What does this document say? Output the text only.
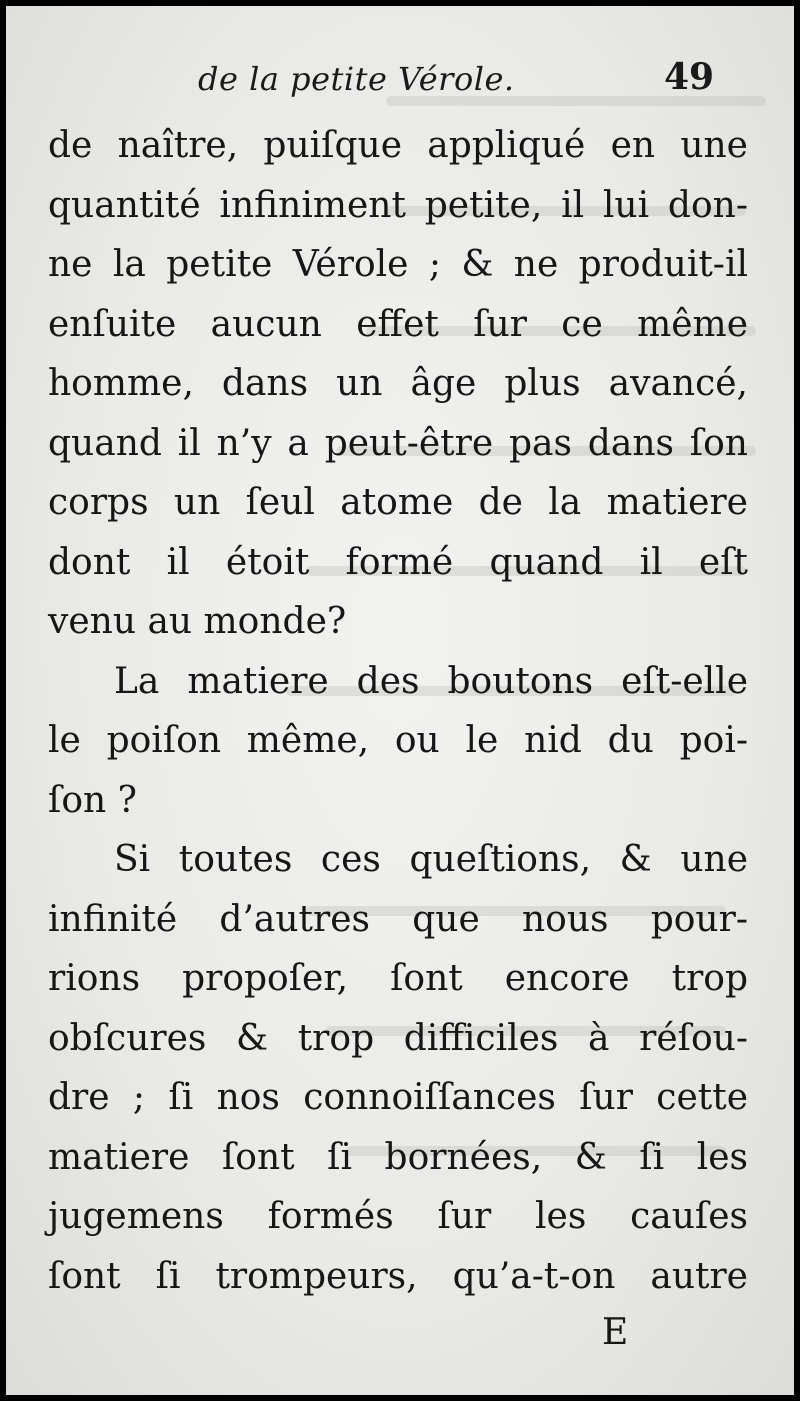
de la petite Vérole.	49
de naître, puiſque appliqué en une
quantité infiniment petite, il lui don-
ne la petite Vérole ; & ne produit-il
enſuite aucun effet ſur ce même
homme, dans un âge plus avancé,
quand il n’y a peut-être pas dans ſon
corps un ſeul atome de la matiere
dont il étoit formé quand il eſt
venu au monde?
La matiere des boutons eſt-elle
le poiſon même, ou le nid du poi-
ſon ?
Si toutes ces queſtions, & une
infinité d’autres que nous pour-
rions propoſer, ſont encore trop
obſcures & trop difficiles à réſou-
dre ; ſi nos connoiſſances ſur cette
matiere ſont ſi bornées, & ſi les
jugemens formés ſur les cauſes
ſont ſi trompeurs, qu’a-t-on autre
E
